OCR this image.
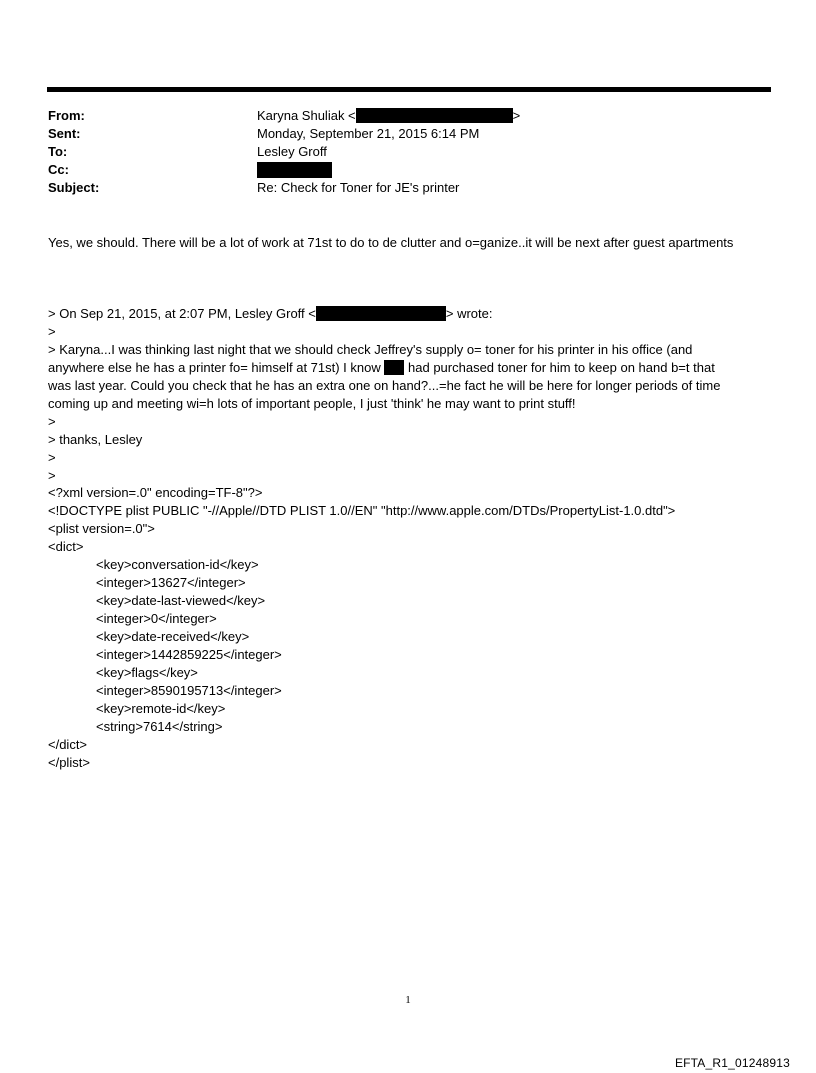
From:	Karyna Shuliak <	>
Sent:	Monday, September 21, 2015 6:14 PM
To:	Lesley Groff
Cc:
Subject:	Re: Check for Toner for JE's printer
Yes, we should. There will be a lot of work at 71st to do to de clutter and o=ganize..it will be next after guest apartments
> On Sep 21, 2015, at 2:07 PM, Lesley Groff <	> wrote:
>
> Karyna...I was thinking last night that we should check Jeffrey's supply o= toner for his printer in his office (and
anywhere else he has a printer fo= himself at 71st) I know had purchased toner for him to keep on hand b=t that
was last year. Could you check that he has an extra one on hand?...=he fact he will be here for longer periods of time
coming up and meeting wi=h lots of important people, I just 'think' he may want to print stuff!
>
> thanks, Lesley
>
>
<?xml version=.0" encoding=TF-8"?>
<!DOCTYPE plist PUBLIC "-//Apple//DTD PLIST 1.0//EN" "http://www.apple.com/DTDs/PropertyList-1.0.dtd">
<plist version=.0">
<dict>
<key>conversation-id</key>
<integer>13627</integer>
<key>date-last-viewed</key>
<integer>0</integer>
<key>date-received</key>
<integer>1442859225</integer>
<key>flags</key>
<integer>8590195713</integer>
<key>remote-id</key>
<string>7614</string>
</dict>
</plist>
1
EFTA_R1_01248913
